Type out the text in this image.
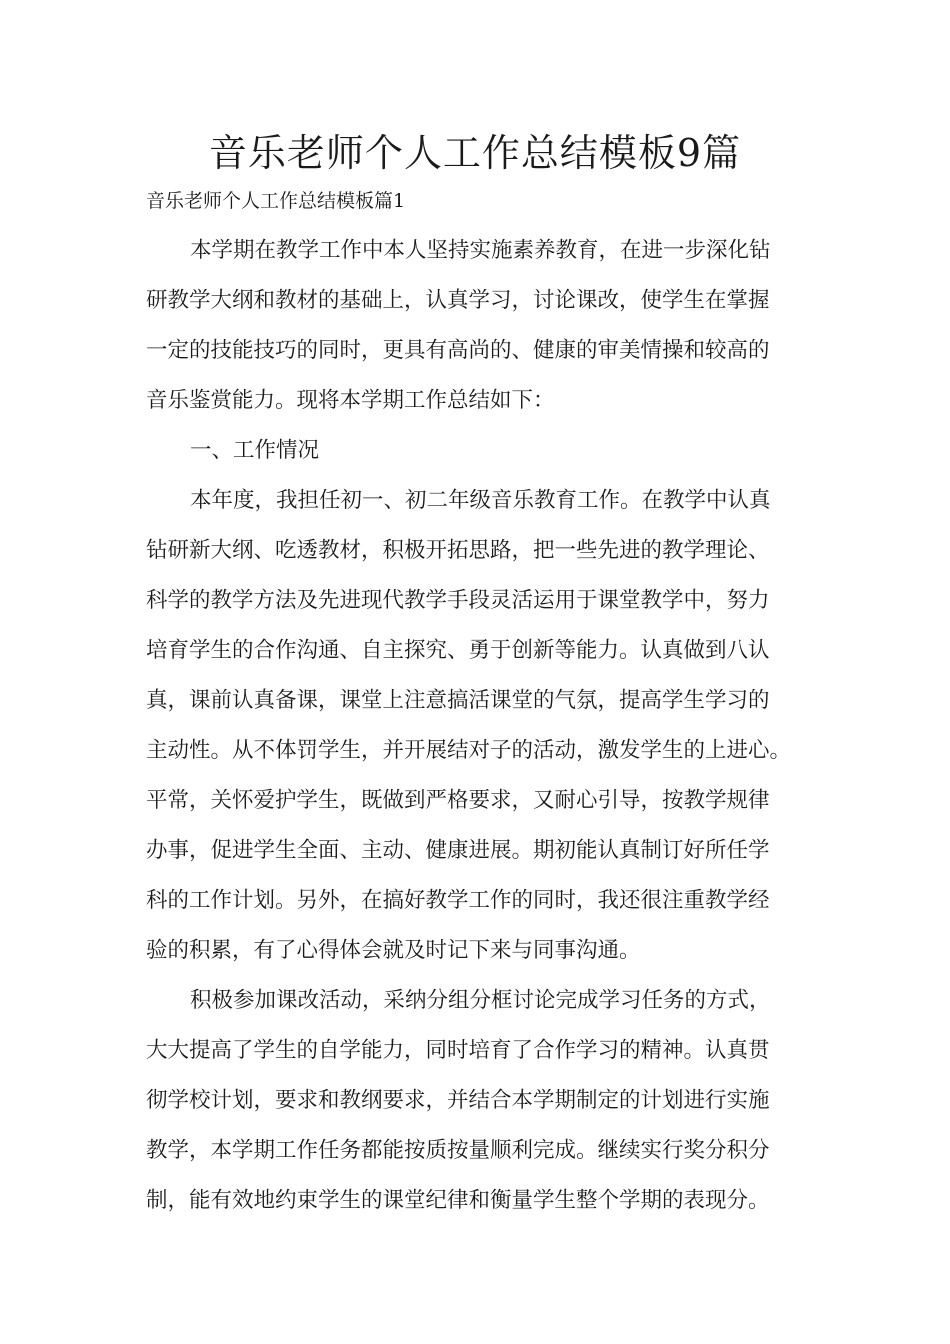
音乐老师个人工作总结模板9篇
音乐老师个人工作总结模板篇1
本学期在教学工作中本人坚持实施素养教育，在进一步深化钻
研教学大纲和教材的基础上，认真学习，讨论课改，使学生在掌握
一定的技能技巧的同时，更具有高尚的、健康的审美情操和较高的
音乐鉴赏能力。现将本学期工作总结如下：
一、工作情况
本年度，我担任初一、初二年级音乐教育工作。在教学中认真
钻研新大纲、吃透教材，积极开拓思路，把一些先进的教学理论、
科学的教学方法及先进现代教学手段灵活运用于课堂教学中，努力
培育学生的合作沟通、自主探究、勇于创新等能力。认真做到八认
真，课前认真备课，课堂上注意搞活课堂的气氛，提高学生学习的
主动性。从不体罚学生，并开展结对子的活动，激发学生的上进心。
平常，关怀爱护学生，既做到严格要求，又耐心引导，按教学规律
办事，促进学生全面、主动、健康进展。期初能认真制订好所任学
科的工作计划。另外，在搞好教学工作的同时，我还很注重教学经
验的积累，有了心得体会就及时记下来与同事沟通。
积极参加课改活动，采纳分组分框讨论完成学习任务的方式，
大大提高了学生的自学能力，同时培育了合作学习的精神。认真贯
彻学校计划，要求和教纲要求，并结合本学期制定的计划进行实施
教学，本学期工作任务都能按质按量顺利完成。继续实行奖分积分
制，能有效地约束学生的课堂纪律和衡量学生整个学期的表现分。
